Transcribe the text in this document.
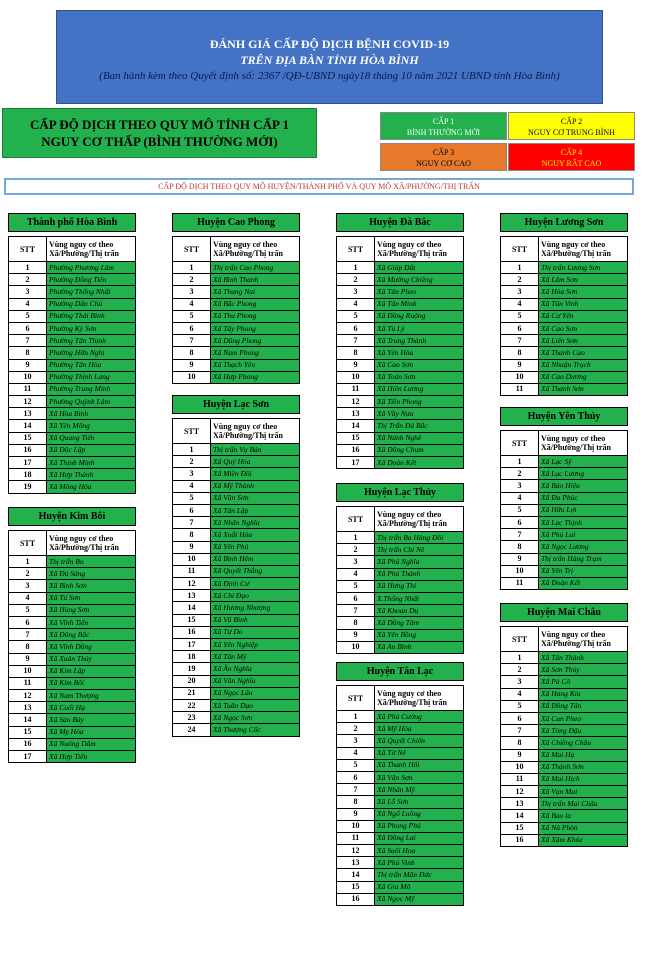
ĐÁNH GIÁ CẤP ĐỘ DỊCH BỆNH COVID-19
TRÊN ĐỊA BÀN TỈNH HÒA BÌNH
(Ban hành kèm theo Quyết định số: 2367 /QĐ-UBND ngày18 tháng 10 năm 2021 UBND tỉnh Hòa Bình)
CẤP ĐỘ DỊCH THEO QUY MÔ TỈNH CẤP 1
NGUY CƠ THẤP (BÌNH THƯỜNG MỚI)
CẤP 1
BÌNH THƯỜNG MỚI
CẤP 2
NGUY CƠ TRUNG BÌNH
CẤP 3
NGUY CƠ CAO
CẤP 4
NGUY RẤT CAO
CẤP ĐỘ DỊCH THEO QUY MÔ HUYỆN/THÀNH PHỐ VÀ QUY MÔ XÃ/PHƯỜNG/THỊ TRẤN
Thành phố Hòa Bình	

STT	Vùng nguy cơ theo Xã/Phường/Thị trấn
1	Phường Phương Lâm
2	Phường Đồng Tiến
3	Phường Thống Nhất
4	Phường Dân Chủ
5	Phường Thái Bình
6	Phường Kỳ Sơn
7	Phường Tân Thịnh
8	Phường Hữu Nghị
9	Phường Tân Hòa
10	Phường Thịnh Lang
11	Phường Trung Minh
12	Phường Quỳnh Lâm
13	Xã Hòa Bình
14	Xã Yên Mông
15	Xã Quang Tiến
16	Xã Độc Lập
17	Xã Thịnh Minh
18	Xã Hợp Thành
19	Xã Mông Hóa
Huyện Kim Bôi	

STT	Vùng nguy cơ theo Xã/Phường/Thị trấn
1	Thị trấn Bo
2	Xã Đú Sáng
3	Xã Bình Sơn
4	Xã Tú Sơn
5	Xã Hùng Sơn
6	Xã Vĩnh Tiến
7	Xã Đông Bắc
8	Xã Vĩnh Đồng
9	Xã Xuân Thủy
10	Xã Kim Lập
11	Xã Kim Bôi
12	Xã Nam Thượng
13	Xã Cuối Hạ
14	Xã Sào Báy
15	Xã Mỵ Hòa
16	Xã Nuông Dăm
17	Xã Hợp Tiến
Huyện Cao Phong	

STT	Vùng nguy cơ theo Xã/Phường/Thị trấn
1	Thị trấn Cao Phong
2	Xã Bình Thanh
3	Xã Thung Nai
4	Xã Bắc Phong
5	Xã Thu Phong
6	Xã Tây Phong
7	Xã Dũng Phong
8	Xã Nam Phong
9	Xã Thạch Yên
10	Xã Hợp Phong
Huyện Lạc Sơn	

STT	Vùng nguy cơ theo Xã/Phường/Thị trấn
1	Thị trấn Vụ Bản
2	Xã Quý Hòa
3	Xã Miền Đồi
4	Xã Mỹ Thành
5	Xã Văn Sơn
6	Xã Tân Lập
7	Xã Nhân Nghĩa
8	Xã Xuất Hóa
9	Xã Yên Phú
10	Xã Bình Hẻm
11	Xã Quyết Thắng
12	Xã Định Cư
13	Xã Chí Đạo
14	Xã Hương Nhượng
15	Xã Vũ Bình
16	Xã Tự Do
17	Xã Yên Nghiệp
18	Xã Tân Mỹ
19	Xã Ân Nghĩa
20	Xã Văn Nghĩa
21	Xã Ngọc Lâu
22	Xã Tuân Đạo
23	Xã Ngọc Sơn
24	Xã Thượng Cốc
Huyện Đà Bắc	

STT	Vùng nguy cơ theo Xã/Phường/Thị trấn
1	Xã Giáp Đắt
2	Xã Mường Chiềng
3	Xã Tân Pheo
4	Xã Tân Minh
5	Xã Đồng Ruộng
6	Xã Tú Lý
7	Xã Trung Thành
8	Xã Yên Hòa
9	Xã Cao Sơn
10	Xã Toàn Sơn
11	Xã Hiền Lương
12	Xã Tiền Phong
13	Xã Vầy Nưa
14	Thị Trấn Đà Bắc
15	Xã Nánh Nghê
16	Xã Đồng Chum
17	Xã Đoàn Kết
Huyện Lạc Thủy	

STT	Vùng nguy cơ theo Xã/Phường/Thị trấn
1	Thị trấn Ba Hàng Đồi
2	Thị trấn Chi Nê
3	Xã Phú Nghĩa
4	Xã Phú Thành
5	Xã Hưng Thi
6	X.Thống Nhất
7	Xã Khoan Dụ
8	Xã Đồng Tâm
9	Xã Yên Bồng
10	Xã An Bình
Huyện Tân Lạc	

STT	Vùng nguy cơ theo Xã/Phường/Thị trấn
1	Xã Phú Cường
2	Xã Mỹ Hòa
3	Xã Quyết Chiến
4	Xã Tử Nê
5	Xã Thanh Hối
6	Xã Vân Sơn
7	Xã Nhân Mỹ
8	Xã Lỗ Sơn
9	Xã Ngổ Luông
10	Xã Phong Phú
11	Xã Đông Lai
12	Xã Suối Hoa
13	Xã Phú Vinh
14	Thị trấn Mãn Đức
15	Xã Gia Mô
16	Xã Ngọc Mỹ
Huyện Lương Sơn	

STT	Vùng nguy cơ theo Xã/Phường/Thị trấn
1	Thị trấn Lương Sơn
2	Xã Lâm Sơn
3	Xã Hòa Sơn
4	Xã Tân Vinh
5	Xã Cư Yên
6	Xã Cao Sơn
7	Xã Liên Sơn
8	Xã Thanh Cao
9	Xã Nhuận Trạch
10	Xã Cao Dương
11	Xã Thanh Sơn
Huyện Yên Thủy	

STT	Vùng nguy cơ theo Xã/Phường/Thị trấn
1	Xã Lạc Sỹ
2	Xã Lạc Lương
3	Xã Bảo Hiệu
4	Xã Đa Phúc
5	Xã Hữu Lợi
6	Xã Lạc Thịnh
7	Xã Phú Lai
8	Xã Ngọc Lương
9	Thị trấn Hàng Trạm
10	Xã Yên Trị
11	Xã Đoàn Kết
Huyện Mai Châu	

STT	Vùng nguy cơ theo Xã/Phường/Thị trấn
1	Xã Tân Thành
2	Xã Sơn Thủy
3	Xã Pà Cò
4	Xã Hang Kia
5	Xã Đồng Tân
6	Xã Cun Pheo
7	Xã Tòng Đậu
8	Xã Chiềng Châu
9	Xã Mai Hạ
10	Xã Thành Sơn
11	Xã Mai Hịch
12	Xã Vạn Mai
13	Thị trấn Mai Châu
14	Xã Bao la
15	Xã Nà Phòn
16	Xã Xăm Khòe
